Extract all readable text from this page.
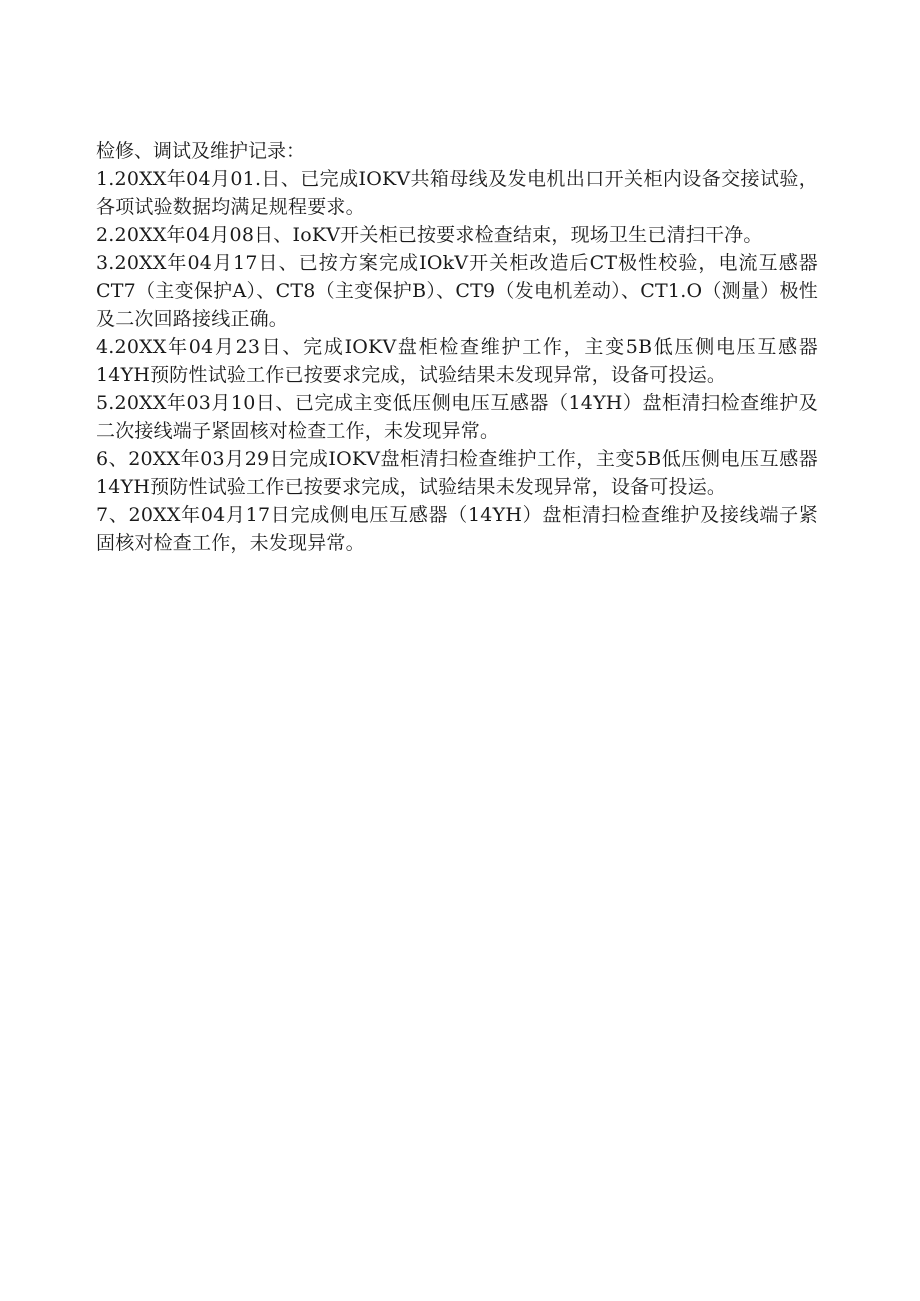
检修、调试及维护记录：

1.20XX年04月01.日、已完成IOKV共箱母线及发电机出口开关柜内设备交接试验，各项试验数据均满足规程要求。

2.20XX年04月08日、IoKV开关柜已按要求检查结束，现场卫生已清扫干净。

3.20XX年04月17日、已按方案完成IOkV开关柜改造后CT极性校验，电流互感器CT7（主变保护A）、CT8（主变保护B）、CT9（发电机差动）、CT1.O（测量）极性及二次回路接线正确。

4.20XX年04月23日、完成IOKV盘柜检查维护工作，主变5B低压侧电压互感器14YH预防性试验工作已按要求完成，试验结果未发现异常，设备可投运。

5.20XX年03月10日、已完成主变低压侧电压互感器（14YH）盘柜清扫检查维护及二次接线端子紧固核对检查工作，未发现异常。

6、20XX年03月29日完成IOKV盘柜清扫检查维护工作，主变5B低压侧电压互感器14YH预防性试验工作已按要求完成，试验结果未发现异常，设备可投运。

7、20XX年04月17日完成侧电压互感器（14YH）盘柜清扫检查维护及接线端子紧固核对检查工作，未发现异常。
